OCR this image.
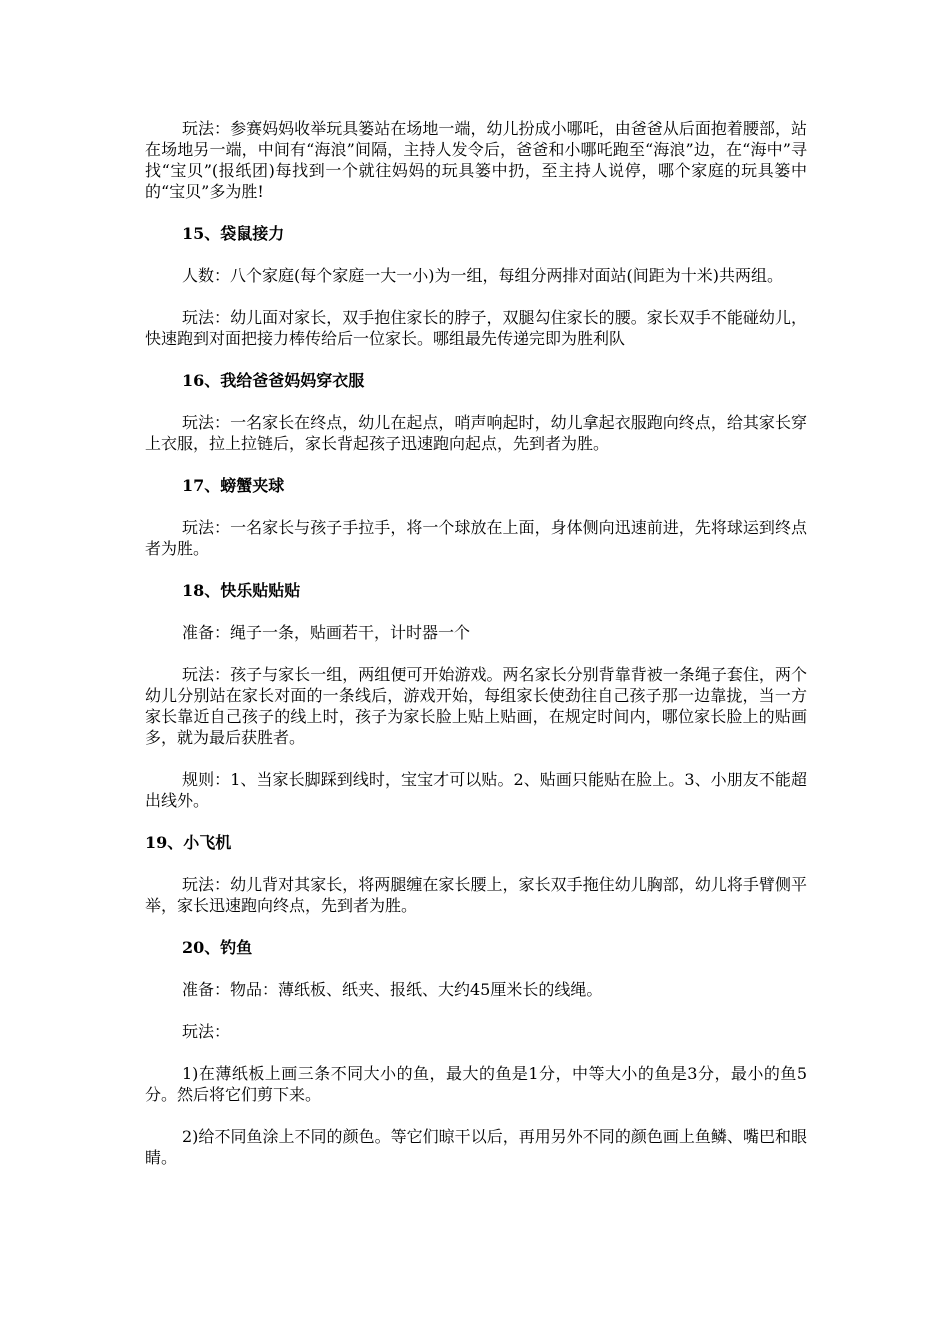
玩法：参赛妈妈收举玩具篓站在场地一端，幼儿扮成小哪吒，由爸爸从后面抱着腰部，站在场地另一端，中间有“海浪”间隔，主持人发令后，爸爸和小哪吒跑至“海浪”边，在“海中”寻找“宝贝”(报纸团)每找到一个就往妈妈的玩具篓中扔，至主持人说停，哪个家庭的玩具篓中的“宝贝”多为胜!

15、袋鼠接力

人数：八个家庭(每个家庭一大一小)为一组，每组分两排对面站(间距为十米)共两组。

玩法：幼儿面对家长，双手抱住家长的脖子，双腿勾住家长的腰。家长双手不能碰幼儿，快速跑到对面把接力棒传给后一位家长。哪组最先传递完即为胜利队

16、我给爸爸妈妈穿衣服

玩法：一名家长在终点，幼儿在起点，哨声响起时，幼儿拿起衣服跑向终点，给其家长穿上衣服，拉上拉链后，家长背起孩子迅速跑向起点，先到者为胜。

17、螃蟹夹球

玩法：一名家长与孩子手拉手，将一个球放在上面，身体侧向迅速前进，先将球运到终点者为胜。

18、快乐贴贴贴

准备：绳子一条，贴画若干，计时器一个

玩法：孩子与家长一组，两组便可开始游戏。两名家长分别背靠背被一条绳子套住，两个幼儿分别站在家长对面的一条线后，游戏开始，每组家长使劲往自己孩子那一边靠拢，当一方家长靠近自己孩子的线上时，孩子为家长脸上贴上贴画，在规定时间内，哪位家长脸上的贴画多，就为最后获胜者。

规则：1、当家长脚踩到线时，宝宝才可以贴。2、贴画只能贴在脸上。3、小朋友不能超出线外。

19、小飞机

玩法：幼儿背对其家长，将两腿缠在家长腰上，家长双手拖住幼儿胸部，幼儿将手臂侧平举，家长迅速跑向终点，先到者为胜。

20、钓鱼

准备：物品：薄纸板、纸夹、报纸、大约45厘米长的线绳。

玩法：

1)在薄纸板上画三条不同大小的鱼，最大的鱼是1分，中等大小的鱼是3分，最小的鱼5分。然后将它们剪下来。

2)给不同鱼涂上不同的颜色。等它们晾干以后，再用另外不同的颜色画上鱼鳞、嘴巴和眼睛。
